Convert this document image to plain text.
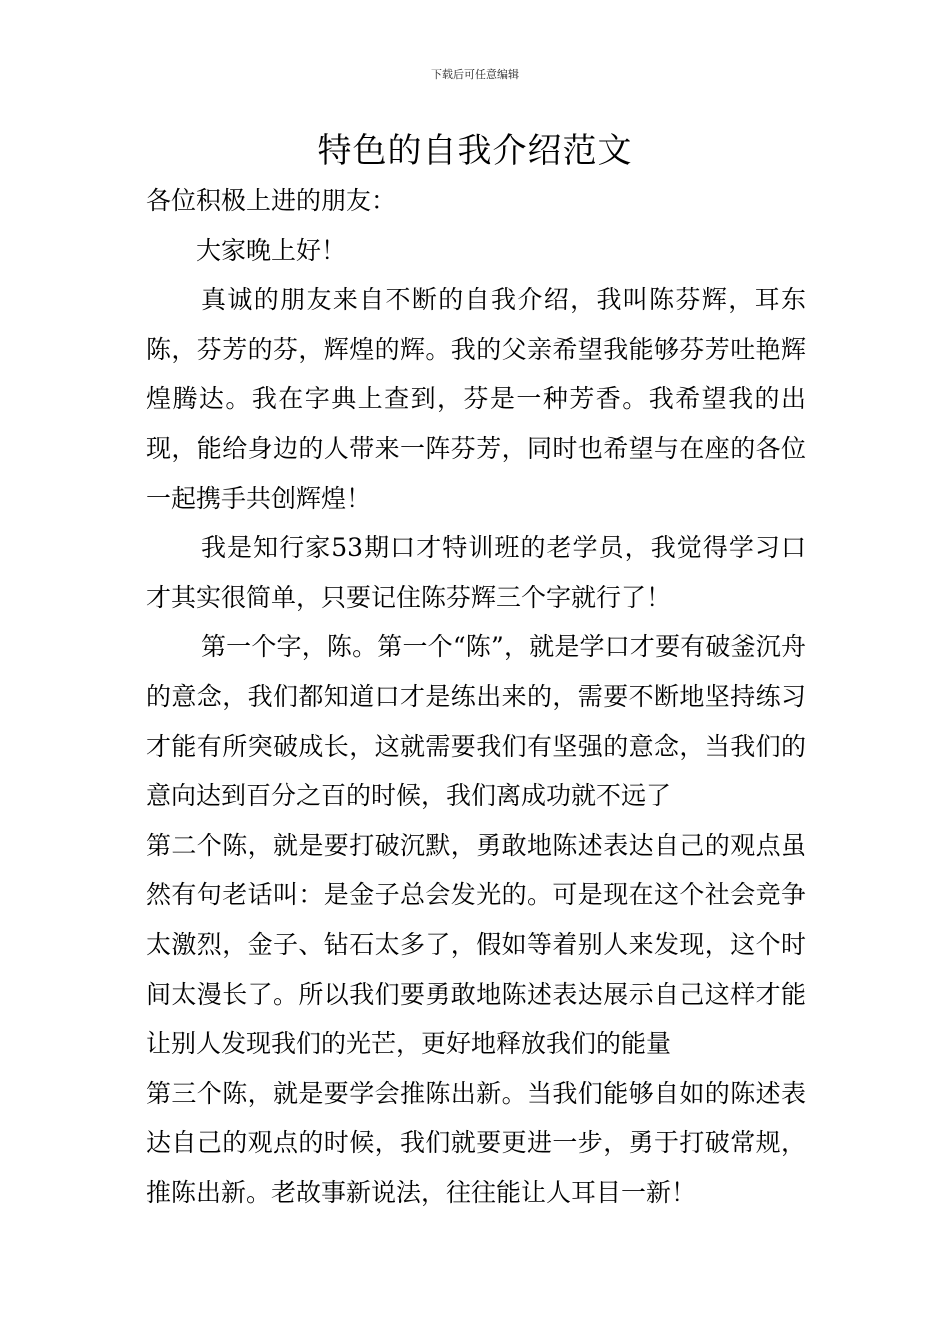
下载后可任意编辑
特色的自我介绍范文

各位积极上进的朋友：

大家晚上好！

真诚的朋友来自不断的自我介绍，我叫陈芬辉，耳东陈，芬芳的芬，辉煌的辉。我的父亲希望我能够芬芳吐艳辉煌腾达。我在字典上查到，芬是一种芳香。我希望我的出现，能给身边的人带来一阵芬芳，同时也希望与在座的各位一起携手共创辉煌！

我是知行家53期口才特训班的老学员，我觉得学习口才其实很简单，只要记住陈芬辉三个字就行了！

第一个字，陈。第一个“陈”，就是学口才要有破釜沉舟的意念，我们都知道口才是练出来的，需要不断地坚持练习才能有所突破成长，这就需要我们有坚强的意念，当我们的意向达到百分之百的时候，我们离成功就不远了

第二个陈，就是要打破沉默，勇敢地陈述表达自己的观点虽然有句老话叫：是金子总会发光的。可是现在这个社会竞争太激烈，金子、钻石太多了，假如等着别人来发现，这个时间太漫长了。所以我们要勇敢地陈述表达展示自己这样才能让别人发现我们的光芒，更好地释放我们的能量

第三个陈，就是要学会推陈出新。当我们能够自如的陈述表达自己的观点的时候，我们就要更进一步，勇于打破常规，推陈出新。老故事新说法，往往能让人耳目一新！
